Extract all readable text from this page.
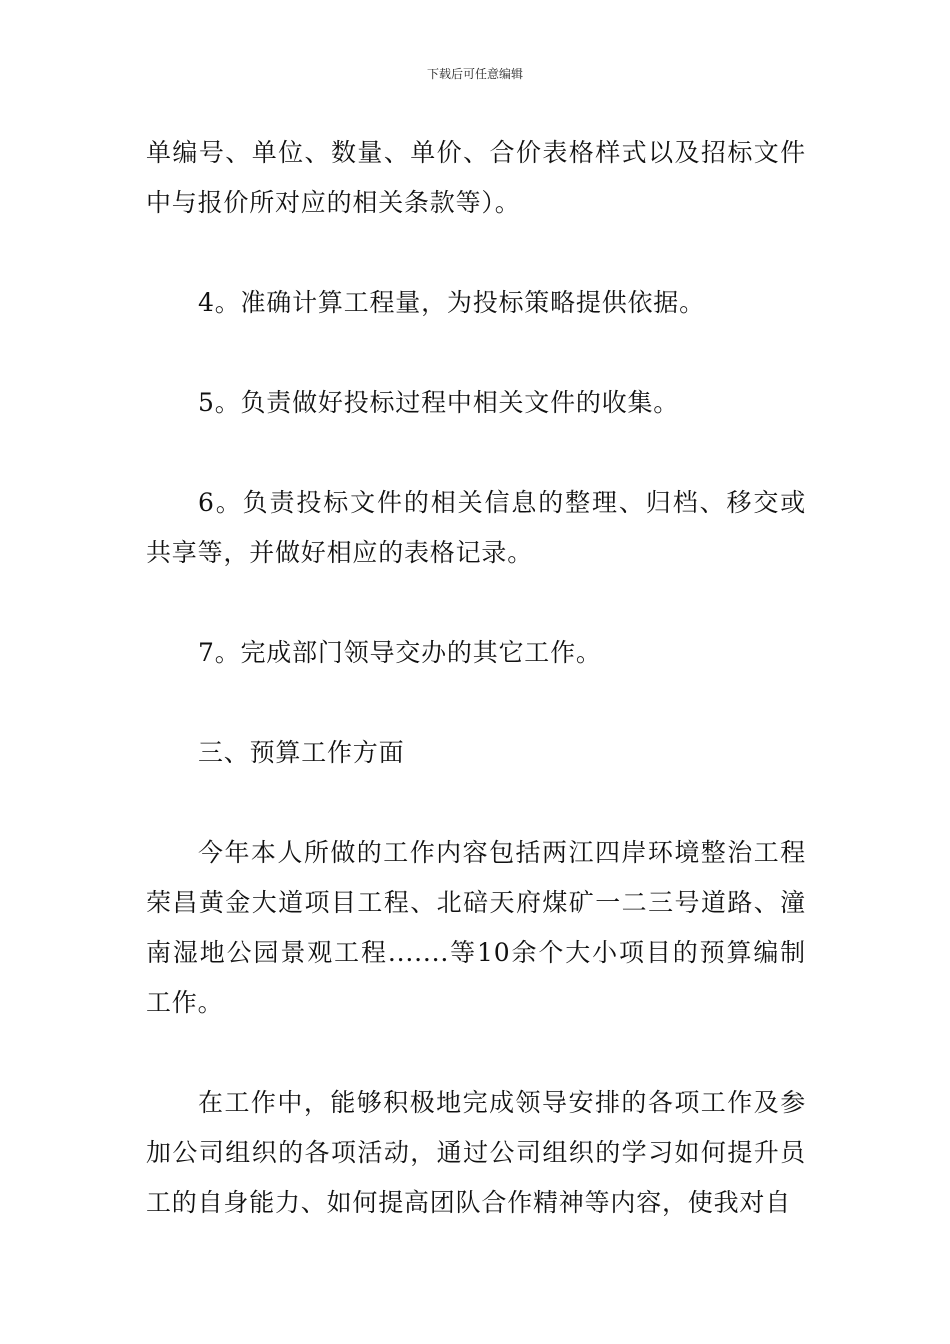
下载后可任意编辑

单编号、单位、数量、单价、合价表格样式以及招标文件中与报价所对应的相关条款等）。

4。准确计算工程量，为投标策略提供依据。

5。负责做好投标过程中相关文件的收集。

6。负责投标文件的相关信息的整理、归档、移交或共享等，并做好相应的表格记录。

7。完成部门领导交办的其它工作。

三、预算工作方面

今年本人所做的工作内容包括两江四岸环境整治工程荣昌黄金大道项目工程、北碚天府煤矿一二三号道路、潼南湿地公园景观工程.......等10余个大小项目的预算编制工作。

在工作中，能够积极地完成领导安排的各项工作及参加公司组织的各项活动，通过公司组织的学习如何提升员工的自身能力、如何提高团队合作精神等内容，使我对自
